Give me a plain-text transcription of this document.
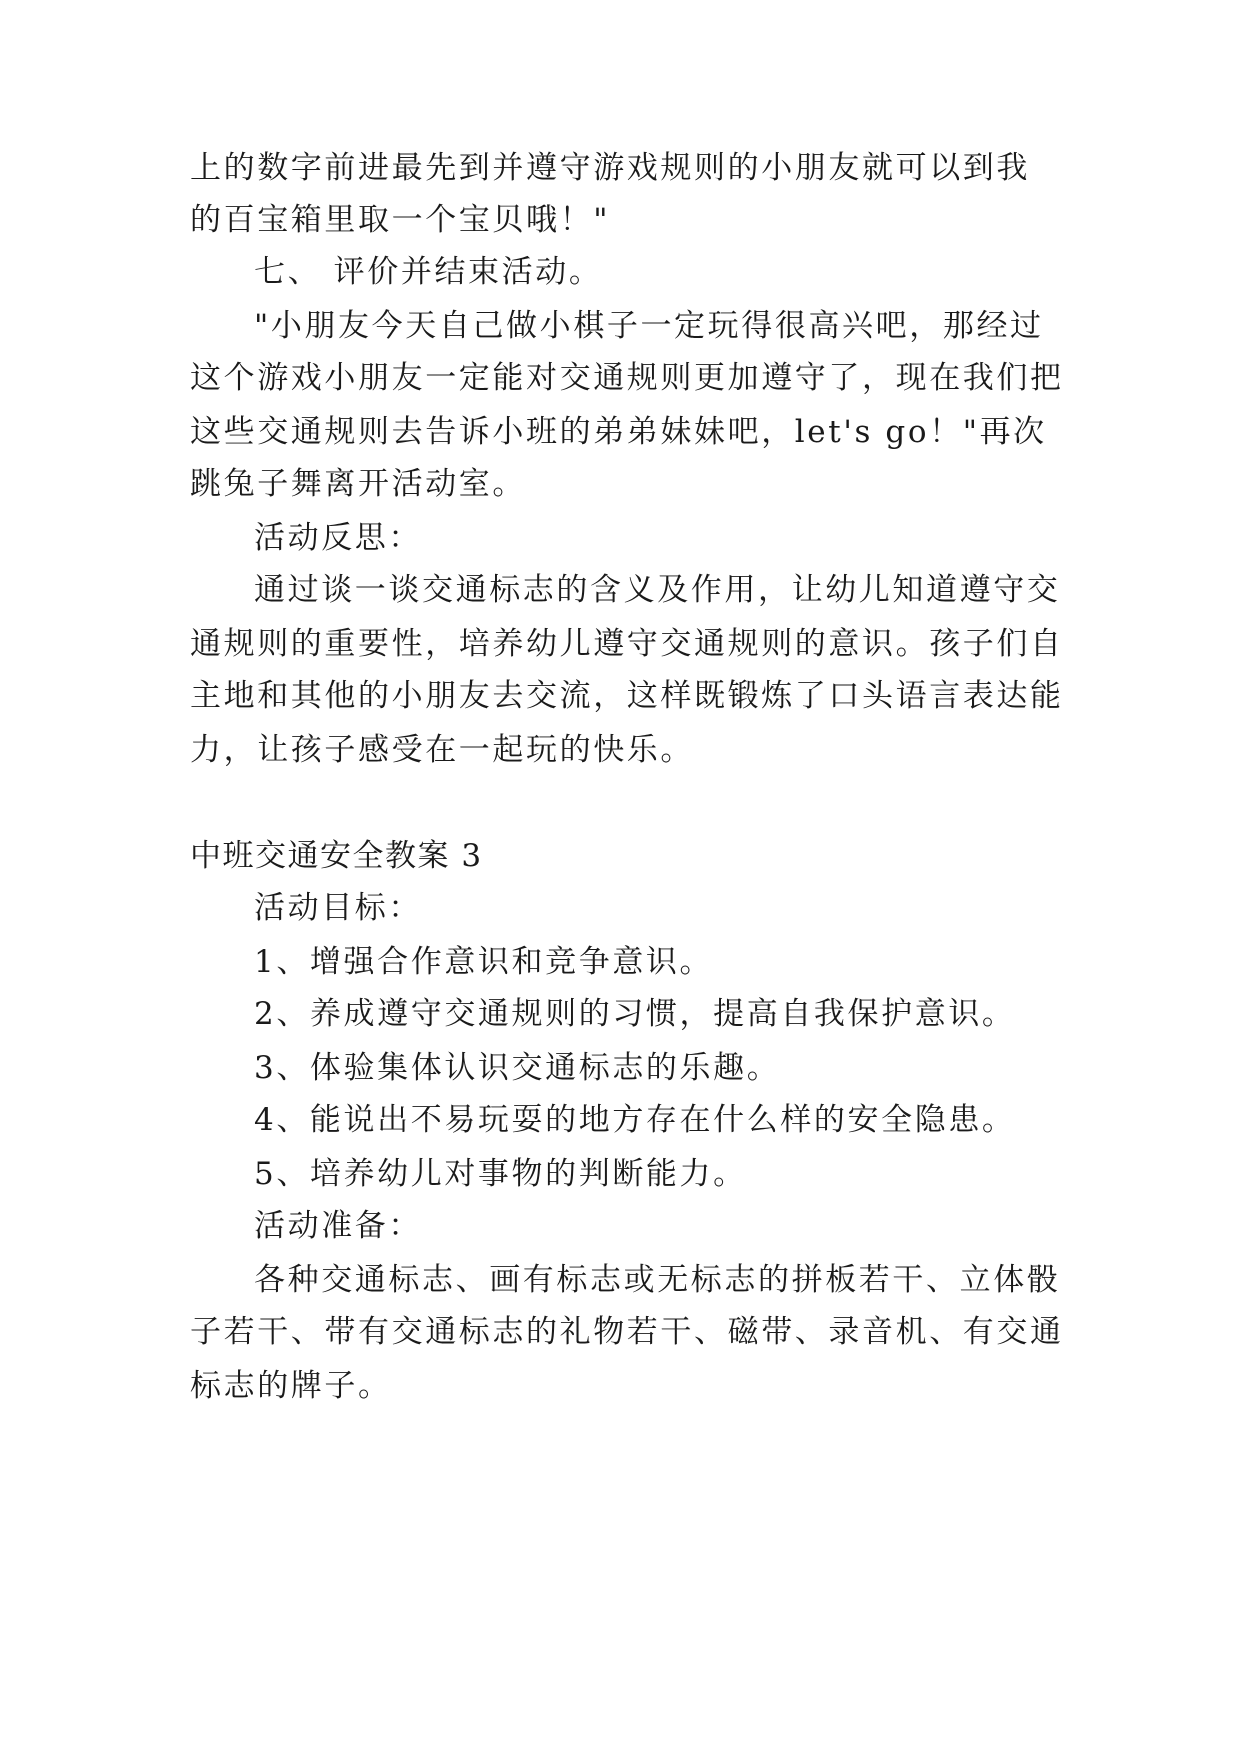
上的数字前进最先到并遵守游戏规则的小朋友就可以到我
的百宝箱里取一个宝贝哦！"
七、 评价并结束活动。
"小朋友今天自己做小棋子一定玩得很高兴吧，那经过
这个游戏小朋友一定能对交通规则更加遵守了，现在我们把
这些交通规则去告诉小班的弟弟妹妹吧，let's go！"再次
跳兔子舞离开活动室。
活动反思：
通过谈一谈交通标志的含义及作用，让幼儿知道遵守交
通规则的重要性，培养幼儿遵守交通规则的意识。孩子们自
主地和其他的小朋友去交流，这样既锻炼了口头语言表达能
力，让孩子感受在一起玩的快乐。
中班交通安全教案 3
活动目标：
1、增强合作意识和竞争意识。
2、养成遵守交通规则的习惯，提高自我保护意识。
3、体验集体认识交通标志的乐趣。
4、能说出不易玩耍的地方存在什么样的安全隐患。
5、培养幼儿对事物的判断能力。
活动准备：
各种交通标志、画有标志或无标志的拼板若干、立体骰
子若干、带有交通标志的礼物若干、磁带、录音机、有交通
标志的牌子。
